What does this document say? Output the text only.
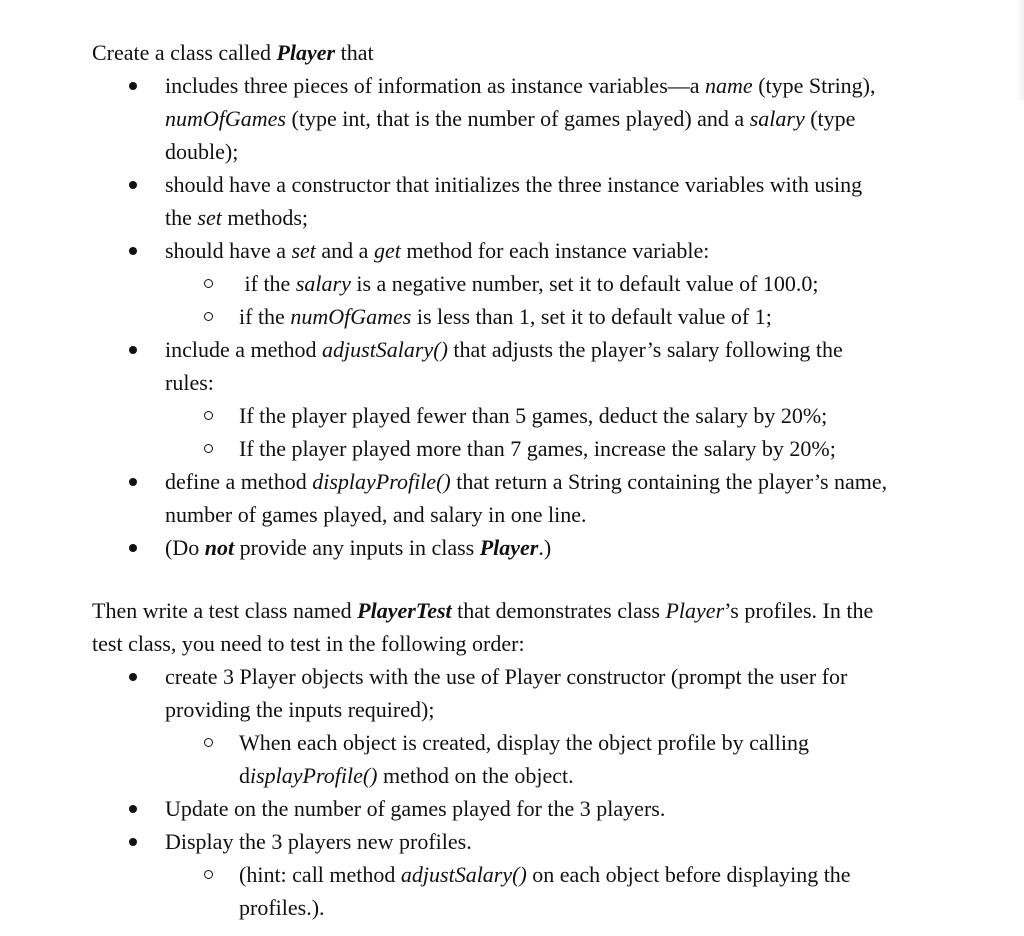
Create a class called Player that
includes three pieces of information as instance variables—a name (type String),
numOfGames (type int, that is the number of games played) and a salary (type
double);
should have a constructor that initializes the three instance variables with using
the set methods;
should have a set and a get method for each instance variable:
if the salary is a negative number, set it to default value of 100.0;
if the numOfGames is less than 1, set it to default value of 1;
include a method adjustSalary() that adjusts the player’s salary following the
rules:
If the player played fewer than 5 games, deduct the salary by 20%;
If the player played more than 7 games, increase the salary by 20%;
define a method displayProfile() that return a String containing the player’s name,
number of games played, and salary in one line.
(Do not provide any inputs in class Player.)
Then write a test class named PlayerTest that demonstrates class Player’s profiles. In the
test class, you need to test in the following order:
create 3 Player objects with the use of Player constructor (prompt the user for
providing the inputs required);
When each object is created, display the object profile by calling
displayProfile() method on the object.
Update on the number of games played for the 3 players.
Display the 3 players new profiles.
(hint: call method adjustSalary() on each object before displaying the
profiles.).
